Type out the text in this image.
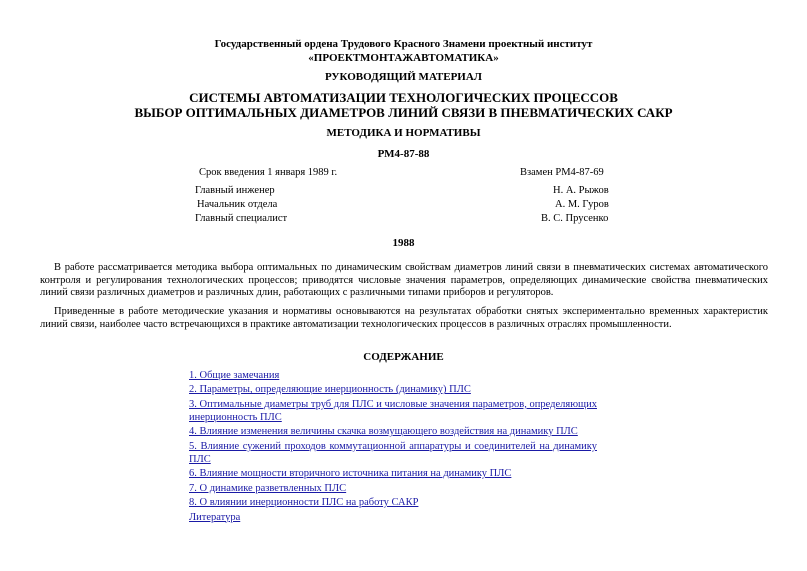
Государственный ордена Трудового Красного Знамени проектный институт
«ПРОЕКТМОНТАЖАВТОМАТИКА»
РУКОВОДЯЩИЙ МАТЕРИАЛ
СИСТЕМЫ АВТОМАТИЗАЦИИ ТЕХНОЛОГИЧЕСКИХ ПРОЦЕССОВ
ВЫБОР ОПТИМАЛЬНЫХ ДИАМЕТРОВ ЛИНИЙ СВЯЗИ В ПНЕВМАТИЧЕСКИХ САКР
МЕТОДИКА И НОРМАТИВЫ
РМ4-87-88
Срок введения 1 января 1989 г.	Взамен РМ4-87-69
Главный инженер	Н. А. Рыжов
Начальник отдела	А. М. Гуров
Главный специалист	В. С. Прусенко
1988
В работе рассматривается методика выбора оптимальных по динамическим свойствам диаметров линий связи в пневматических системах автоматического контроля и регулирования технологических процессов; приводятся числовые значения параметров, определяющих динамические свойства пневматических линий связи различных диаметров и различных длин, работающих с различными типами приборов и регуляторов.
Приведенные в работе методические указания и нормативы основываются на результатах обработки снятых экспериментально временных характеристик линий связи, наиболее часто встречающихся в практике автоматизации технологических процессов в различных отраслях промышленности.
СОДЕРЖАНИЕ
1. Общие замечания
2. Параметры, определяющие инерционность (динамику) ПЛС
3. Оптимальные диаметры труб для ПЛС и числовые значения параметров, определяющих инерционность ПЛС
4. Влияние изменения величины скачка возмущающего воздействия на динамику ПЛС
5. Влияние сужений проходов коммутационной аппаратуры и соединителей на динамику ПЛС
6. Влияние мощности вторичного источника питания на динамику ПЛС
7. О динамике разветвленных ПЛС
8. О влиянии инерционности ПЛС на работу САКР
Литература
